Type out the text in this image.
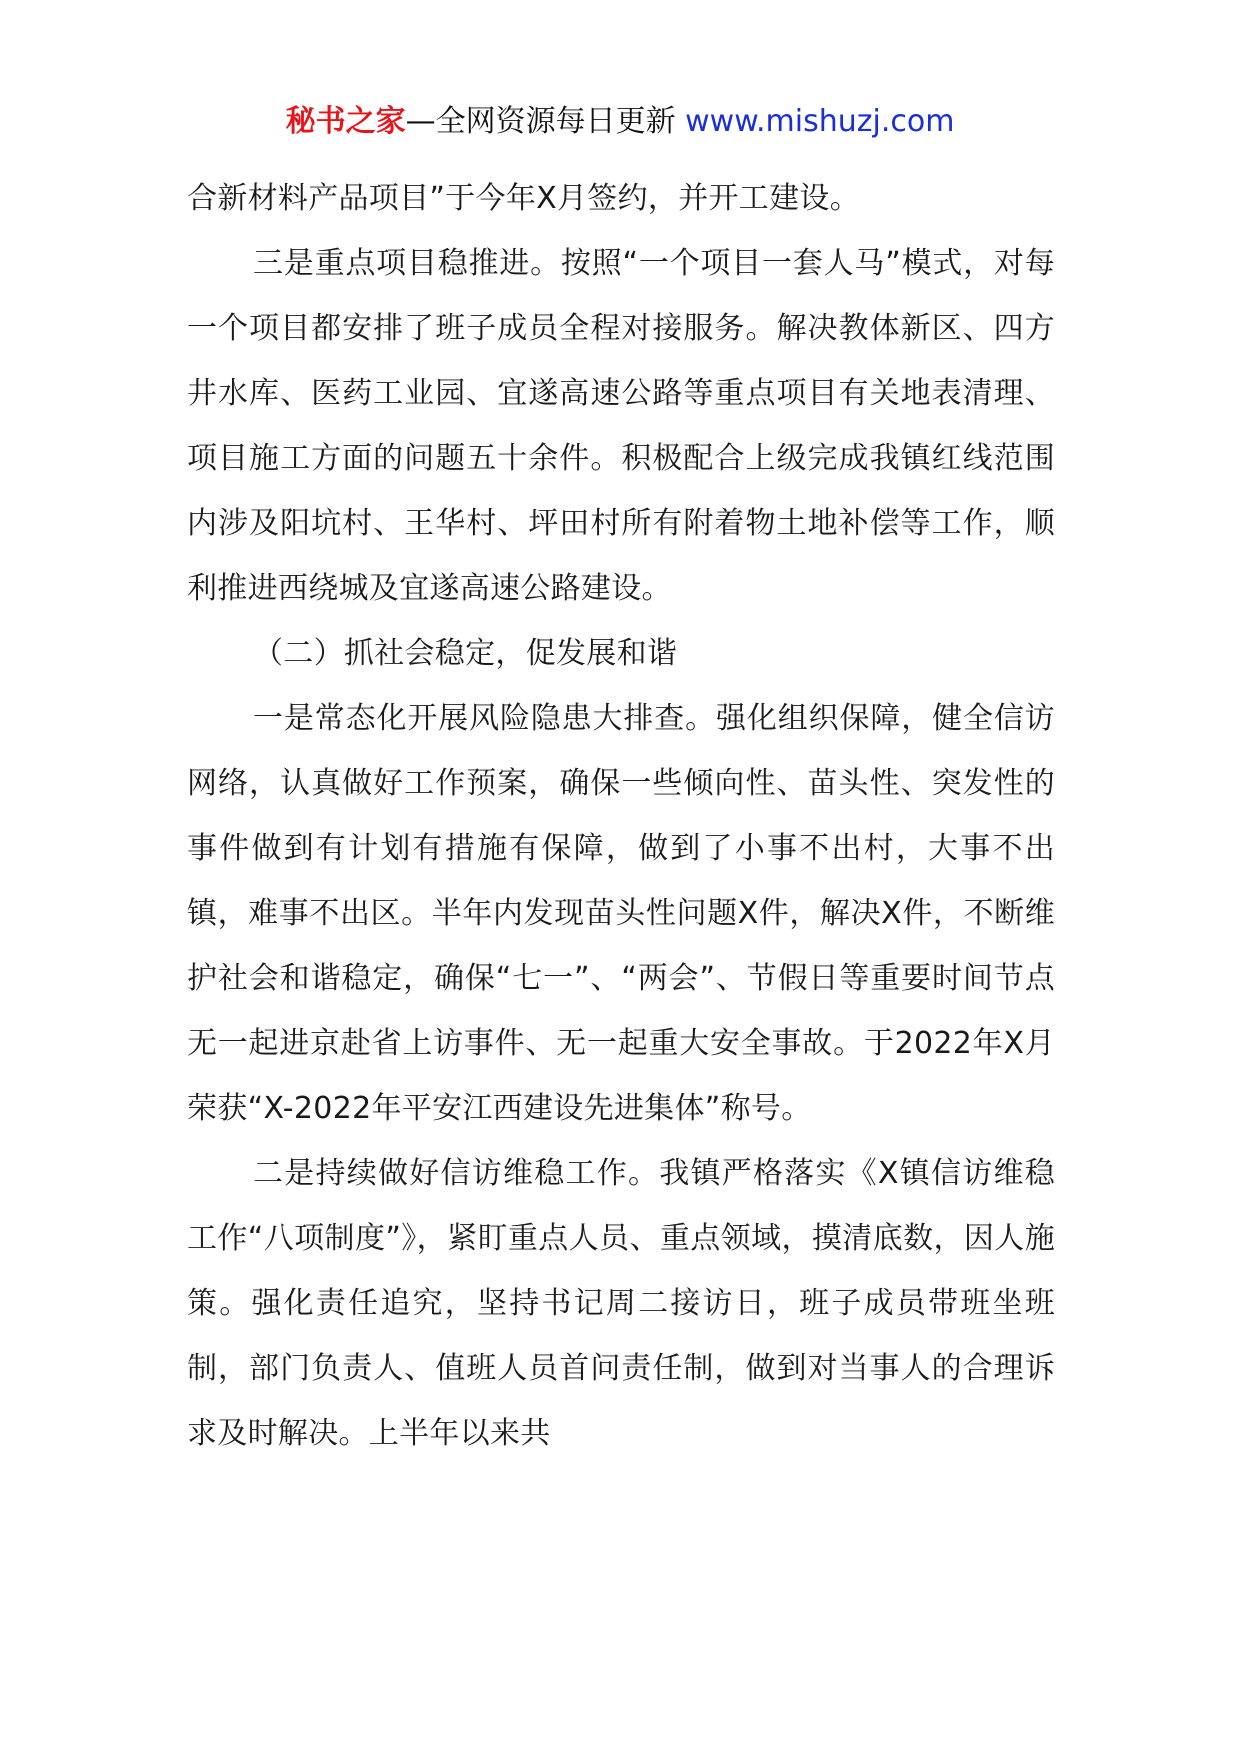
秘书之家—全网资源每日更新 www.mishuzj.com

合新材料产品项目”于今年X月签约，并开工建设。

三是重点项目稳推进。按照“一个项目一套人马”模式，对每一个项目都安排了班子成员全程对接服务。解决教体新区、四方井水库、医药工业园、宜遂高速公路等重点项目有关地表清理、项目施工方面的问题五十余件。积极配合上级完成我镇红线范围内涉及阳坑村、王华村、坪田村所有附着物土地补偿等工作，顺利推进西绕城及宜遂高速公路建设。

（二）抓社会稳定，促发展和谐

一是常态化开展风险隐患大排查。强化组织保障，健全信访网络，认真做好工作预案，确保一些倾向性、苗头性、突发性的事件做到有计划有措施有保障，做到了小事不出村，大事不出镇，难事不出区。半年内发现苗头性问题X件，解决X件，不断维护社会和谐稳定，确保“七一”、“两会”、节假日等重要时间节点无一起进京赴省上访事件、无一起重大安全事故。于2022年X月荣获“X-2022年平安江西建设先进集体”称号。

二是持续做好信访维稳工作。我镇严格落实《X镇信访维稳工作“八项制度”》，紧盯重点人员、重点领域，摸清底数，因人施策。强化责任追究，坚持书记周二接访日，班子成员带班坐班制，部门负责人、值班人员首问责任制，做到对当事人的合理诉求及时解决。上半年以来共
